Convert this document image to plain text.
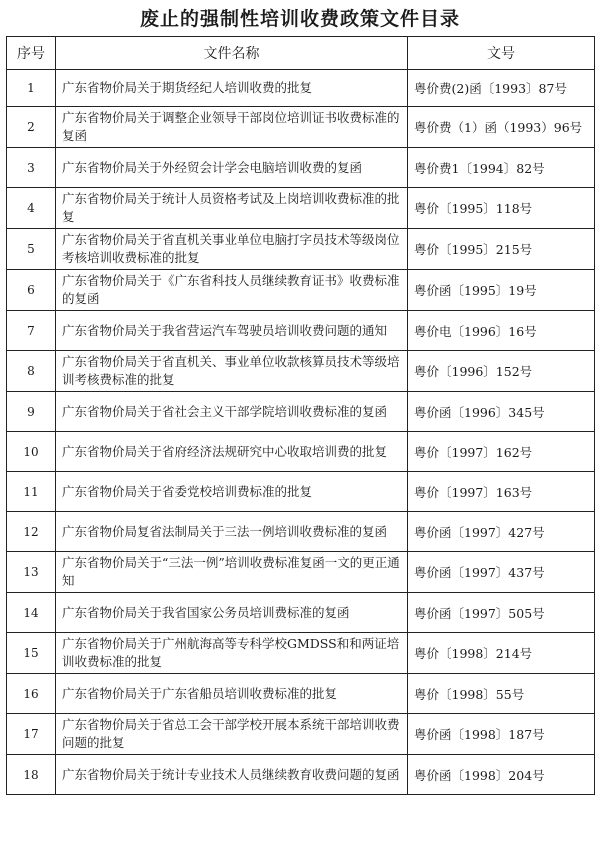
废止的强制性培训收费政策文件目录
序号	文件名称	文号
1	广东省物价局关于期货经纪人培训收费的批复	粤价费(2)函〔1993〕87号
2	广东省物价局关于调整企业领导干部岗位培训证书收费标准的复函	粤价费（1）函（1993）96号
3	广东省物价局关于外经贸会计学会电脑培训收费的复函	粤价费1〔1994〕82号
4	广东省物价局关于统计人员资格考试及上岗培训收费标准的批复	粤价〔1995〕118号
5	广东省物价局关于省直机关事业单位电脑打字员技术等级岗位考核培训收费标准的批复	粤价〔1995〕215号
6	广东省物价局关于《广东省科技人员继续教育证书》收费标准的复函	粤价函〔1995〕19号
7	广东省物价局关于我省营运汽车驾驶员培训收费问题的通知	粤价电〔1996〕16号
8	广东省物价局关于省直机关、事业单位收款核算员技术等级培训考核费标准的批复	粤价〔1996〕152号
9	广东省物价局关于省社会主义干部学院培训收费标准的复函	粤价函〔1996〕345号
10	广东省物价局关于省府经济法规研究中心收取培训费的批复	粤价〔1997〕162号
11	广东省物价局关于省委党校培训费标准的批复	粤价〔1997〕163号
12	广东省物价局复省法制局关于三法一例培训收费标准的复函	粤价函〔1997〕427号
13	广东省物价局关于“三法一例”培训收费标准复函一文的更正通知	粤价函〔1997〕437号
14	广东省物价局关于我省国家公务员培训费标准的复函	粤价函〔1997〕505号
15	广东省物价局关于广州航海高等专科学校GMDSS和和两证培训收费标准的批复	粤价〔1998〕214号
16	广东省物价局关于广东省船员培训收费标准的批复	粤价〔1998〕55号
17	广东省物价局关于省总工会干部学校开展本系统干部培训收费问题的批复	粤价函〔1998〕187号
18	广东省物价局关于统计专业技术人员继续教育收费问题的复函	粤价函〔1998〕204号
